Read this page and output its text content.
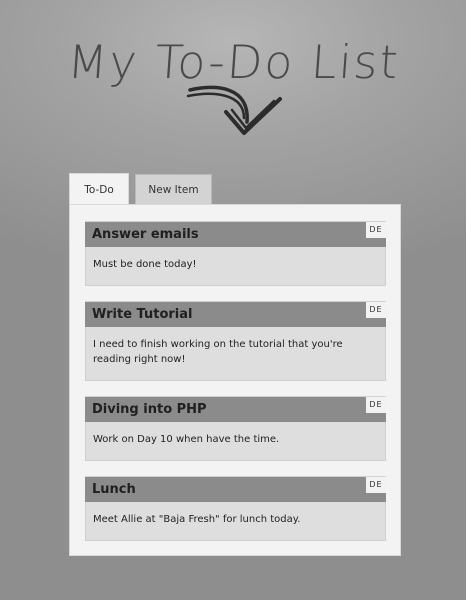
My To-Do List
To-Do	New Item
Answer emails	DE
Must be done today!
Write Tutorial	DE
I need to finish working on the tutorial that you're reading right now!
Diving into PHP	DE
Work on Day 10 when have the time.
Lunch	DE
Meet Allie at "Baja Fresh" for lunch today.
